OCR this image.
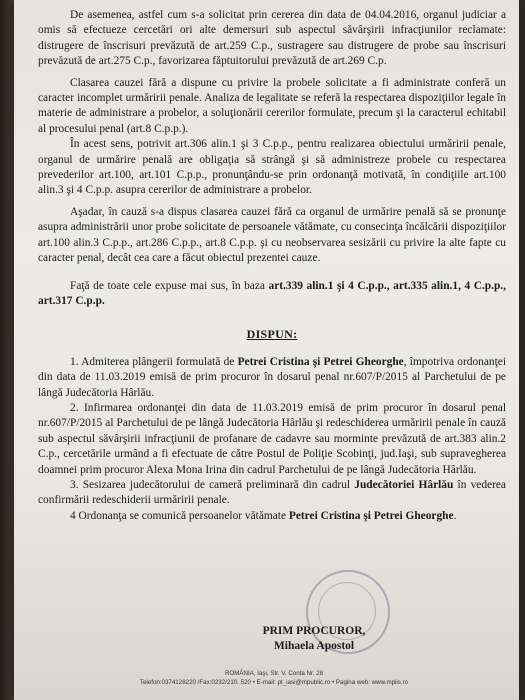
De asemenea, astfel cum s-a solicitat prin cererea din data de 04.04.2016, organul judiciar a omis să efectueze cercetări ori alte demersuri sub aspectul săvârşirii infracţiunilor reclamate: distrugere de înscrisuri prevăzută de art.259 C.p., sustragere sau distrugere de probe sau înscrisuri prevăzută de art.275 C.p., favorizarea făptuitorului prevăzută de art.269 C.p.

Clasarea cauzei fără a dispune cu privire la probele solicitate a fi administrate conferă un caracter incomplet urmăririi penale. Analiza de legalitate se referă la respectarea dispoziţiilor legale în materie de administrare a probelor, a soluţionării cererilor formulate, precum şi la caracterul echitabil al procesului penal (art.8 C.p.p.).

În acest sens, potrivit art.306 alin.1 şi 3 C.p.p., pentru realizarea obiectului urmăririi penale, organul de urmărire penală are obligaţia să strângă şi să administreze probele cu respectarea prevederilor art.100, art.101 C.p.p., pronunţându-se prin ordonanţă motivată, în condiţiile art.100 alin.3 şi 4 C.p.p. asupra cererilor de administrare a probelor.

Aşadar, în cauză s-a dispus clasarea cauzei fără ca organul de urmărire penală să se pronunţe asupra administrării unor probe solicitate de persoanele vătămate, cu consecinţa încălcării dispoziţiilor art.100 alin.3 C.p.p., art.286 C.p.p., art.8 C.p.p. şi cu neobservarea sesizării cu privire la alte fapte cu caracter penal, decât cea care a făcut obiectul prezentei cauze.

Faţă de toate cele expuse mai sus, în baza art.339 alin.1 şi 4 C.p.p., art.335 alin.1, 4 C.p.p., art.317 C.p.p.

DISPUN:

1. Admiterea plângerii formulată de Petrei Cristina şi Petrei Gheorghe, împotriva ordonanţei din data de 11.03.2019 emisă de prim procuror în dosarul penal nr.607/P/2015 al Parchetului de pe lângă Judecătoria Hârlău.

2. Infirmarea ordonanţei din data de 11.03.2019 emisă de prim procuror în dosarul penal nr.607/P/2015 al Parchetului de pe lângă Judecătoria Hârlău şi redeschiderea urmăririi penale în cauză sub aspectul săvârşirii infracţiunii de profanare de cadavre sau morminte prevăzută de art.383 alin.2 C.p., cercetările urmând a fi efectuate de către Postul de Poliţie Scobinţi, jud.Iaşi, sub supravegherea doamnei prim procuror Alexa Mona Irina din cadrul Parchetului de pe lângă Judecătoria Hârlău.

3. Sesizarea judecătorului de cameră preliminară din cadrul Judecătoriei Hârlău în vederea confirmării redeschiderii urmăririi penale.

4 Ordonanţa se comunică persoanelor vătămate Petrei Cristina şi Petrei Gheorghe.

PRIM PROCUROR,
Mihaela Apostol
ROMÂNIA, Iaşi, Str. V. Conta Nr. 28
Telefon:0374128220 /Fax:0232/210. 520 • E-mail: pt_iasi@mpublic.ro • Pagina web: www.mpiis.ro
